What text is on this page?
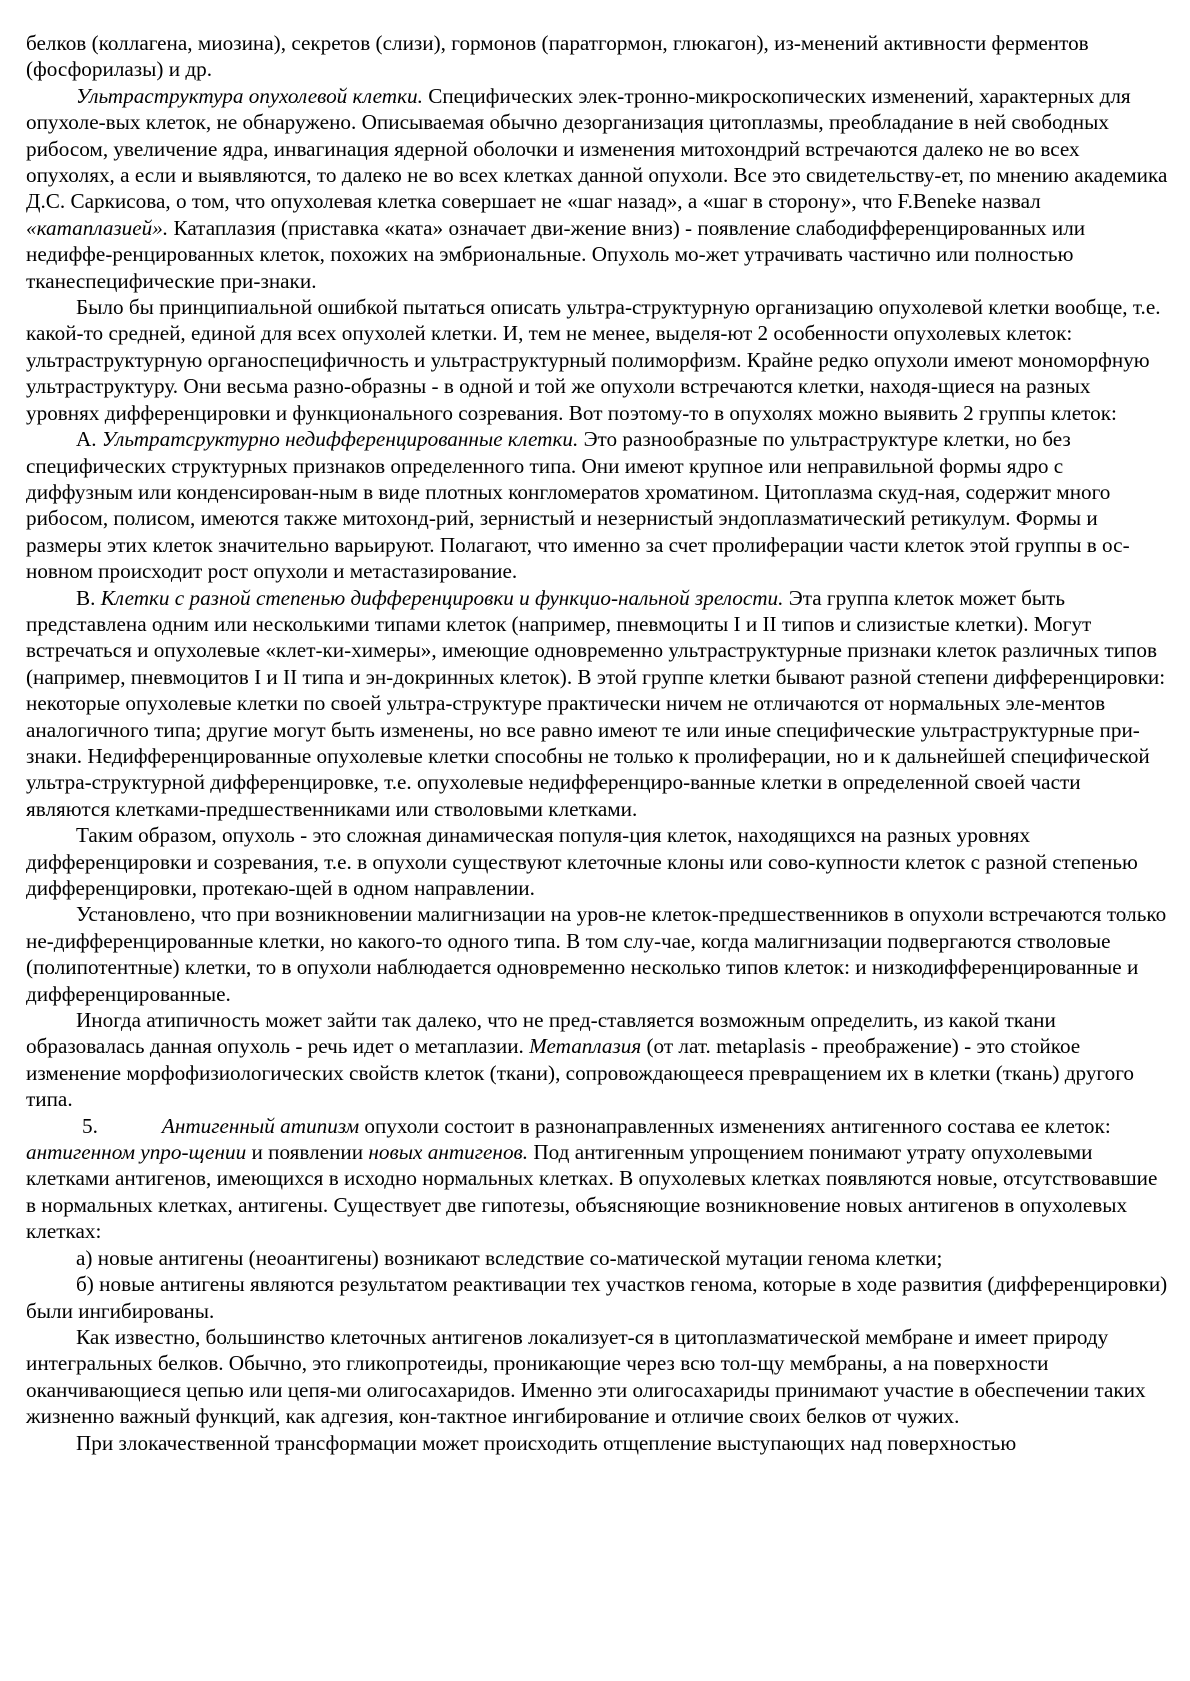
белков (коллагена, миозина), секретов (слизи), гормонов (паратгормон, глюкагон), из-менений активности ферментов (фосфорилазы) и др.

Ультраструктура опухолевой клетки. Специфических элек-тронно-микроскопических изменений, характерных для опухоле-вых клеток, не обнаружено. Описываемая обычно дезорганизация цитоплазмы, преобладание в ней свободных рибосом, увеличение ядра, инвагинация ядерной оболочки и изменения митохондрий встречаются далеко не во всех опухолях, а если и выявляются, то далеко не во всех клетках данной опухоли. Все это свидетельству-ет, по мнению академика Д.С. Саркисова, о том, что опухолевая клетка совершает не «шаг назад», а «шаг в сторону», что F.Beneke назвал «катаплазией». Катаплазия (приставка «ката» означает дви-жение вниз) - появление слабодифференцированных или недиффе-ренцированных клеток, похожих на эмбриональные. Опухоль мо-жет утрачивать частично или полностью тканеспецифические при-знаки.

Было бы принципиальной ошибкой пытаться описать ультра-структурную организацию опухолевой клетки вообще, т.е. какой-то средней, единой для всех опухолей клетки. И, тем не менее, выделя-ют 2 особенности опухолевых клеток: ультраструктурную органоспецифичность и ультраструктурный полиморфизм. Крайне редко опухоли имеют мономорфную ультраструктуру. Они весьма разно-образны - в одной и той же опухоли встречаются клетки, находя-щиеся на разных уровнях дифференцировки и функционального созревания. Вот поэтому-то в опухолях можно выявить 2 группы клеток:

А. Ультратсруктурно недифференцированные клетки. Это разнообразные по ультраструктуре клетки, но без специфических структурных признаков определенного типа. Они имеют крупное или неправильной формы ядро с диффузным или конденсирован-ным в виде плотных конгломератов хроматином. Цитоплазма скуд-ная, содержит много рибосом, полисом, имеются также митохонд-рий, зернистый и незернистый эндоплазматический ретикулум. Формы и размеры этих клеток значительно варьируют. Полагают, что именно за счет пролиферации части клеток этой группы в ос-новном происходит рост опухоли и метастазирование.

В. Клетки с разной степенью дифференцировки и функцио-нальной зрелости. Эта группа клеток может быть представлена одним или несколькими типами клеток (например, пневмоциты I и II типов и слизистые клетки). Могут встречаться и опухолевые «клет-ки-химеры», имеющие одновременно ультраструктурные признаки клеток различных типов (например, пневмоцитов I и II типа и эн-докринных клеток). В этой группе клетки бывают разной степени дифференцировки: некоторые опухолевые клетки по своей ультра-структуре практически ничем не отличаются от нормальных эле-ментов аналогичного типа; другие могут быть изменены, но все равно имеют те или иные специфические ультраструктурные при-знаки. Недифференцированные опухолевые клетки способны не только к пролиферации, но и к дальнейшей специфической ультра-структурной дифференцировке, т.е. опухолевые недифференциро-ванные клетки в определенной своей части являются клетками-предшественниками или стволовыми клетками.

Таким образом, опухоль - это сложная динамическая популя-ция клеток, находящихся на разных уровнях дифференцировки и созревания, т.е. в опухоли существуют клеточные клоны или сово-купности клеток с разной степенью дифференцировки, протекаю-щей в одном направлении.

Установлено, что при возникновении малигнизации на уров-не клеток-предшественников в опухоли встречаются только не-дифференцированные клетки, но какого-то одного типа. В том слу-чае, когда малигнизации подвергаются стволовые (полипотентные) клетки, то в опухоли наблюдается одновременно несколько типов клеток: и низкодифференцированные и дифференцированные.

Иногда атипичность может зайти так далеко, что не пред-ставляется возможным определить, из какой ткани образовалась данная опухоль - речь идет о метаплазии. Метаплазия (от лат. metaplasis - преображение) - это стойкое изменение морфофизиологических свойств клеток (ткани), сопровождающееся превращением их в клетки (ткань) другого типа.

5.	Антигенный атипизм опухоли состоит в разнонаправленных изменениях антигенного состава ее клеток: антигенном упро-щении и появлении новых антигенов. Под антигенным упрощением понимают утрату опухолевыми клетками антигенов, имеющихся в исходно нормальных клетках. В опухолевых клетках появляются новые, отсутствовавшие в нормальных клетках, антигены. Существует две гипотезы, объясняющие возникновение новых антигенов в опухолевых клетках:

а) новые антигены (неоантигены) возникают вследствие со-матической мутации генома клетки;

б) новые антигены являются результатом реактивации тех участков генома, которые в ходе развития (дифференцировки) были ингибированы.

Как известно, большинство клеточных антигенов локализует-ся в цитоплазматической мембране и имеет природу интегральных белков. Обычно, это гликопротеиды, проникающие через всю тол-щу мембраны, а на поверхности оканчивающиеся цепью или цепя-ми олигосахаридов. Именно эти олигосахариды принимают участие в обеспечении таких жизненно важный функций, как адгезия, кон-тактное ингибирование и отличие своих белков от чужих.

При злокачественной трансформации может происходить отщепление выступающих над поверхностью
